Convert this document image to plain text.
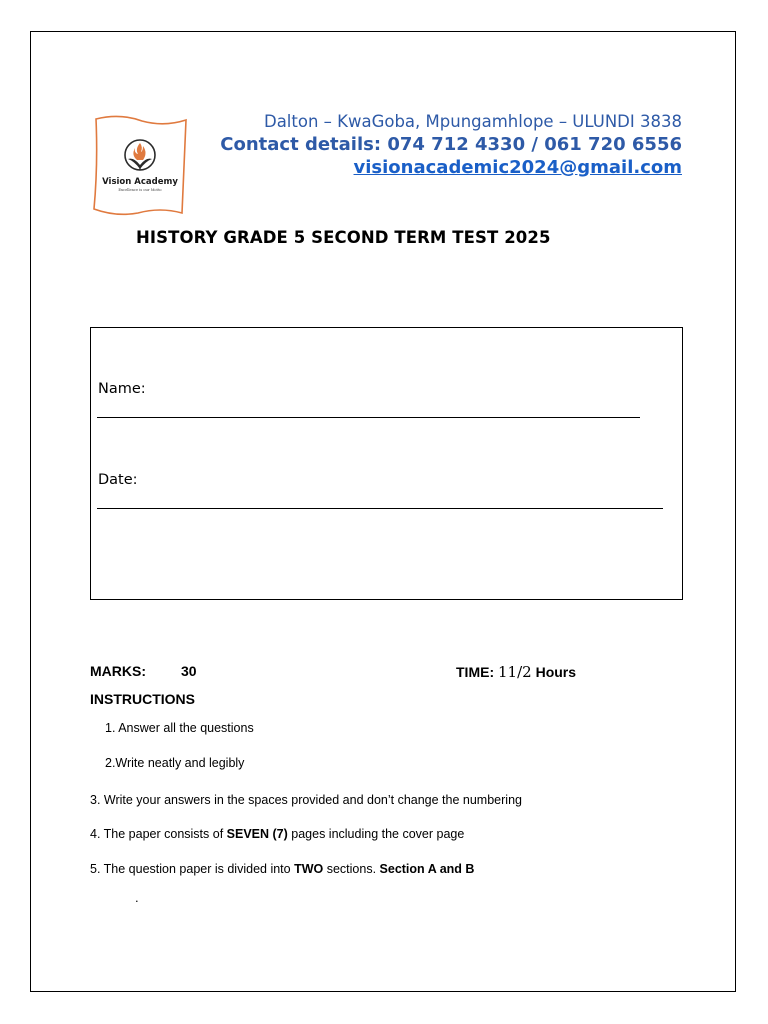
Vision Academy
Excellence is our Motto
Dalton – KwaGoba, Mpungamhlope – ULUNDI 3838
Contact details: 074 712 4330 / 061 720 6556
visionacademic2024@gmail.com
HISTORY GRADE 5 SECOND TERM TEST 2025
Name:
Date:
MARKS:	30	TIME: 11/2 Hours
INSTRUCTIONS
1. Answer all the questions
2.Write neatly and legibly
3. Write your answers in the spaces provided and don’t change the numbering
4. The paper consists of SEVEN (7) pages including the cover page
5. The question paper is divided into TWO sections. Section A and B
.
